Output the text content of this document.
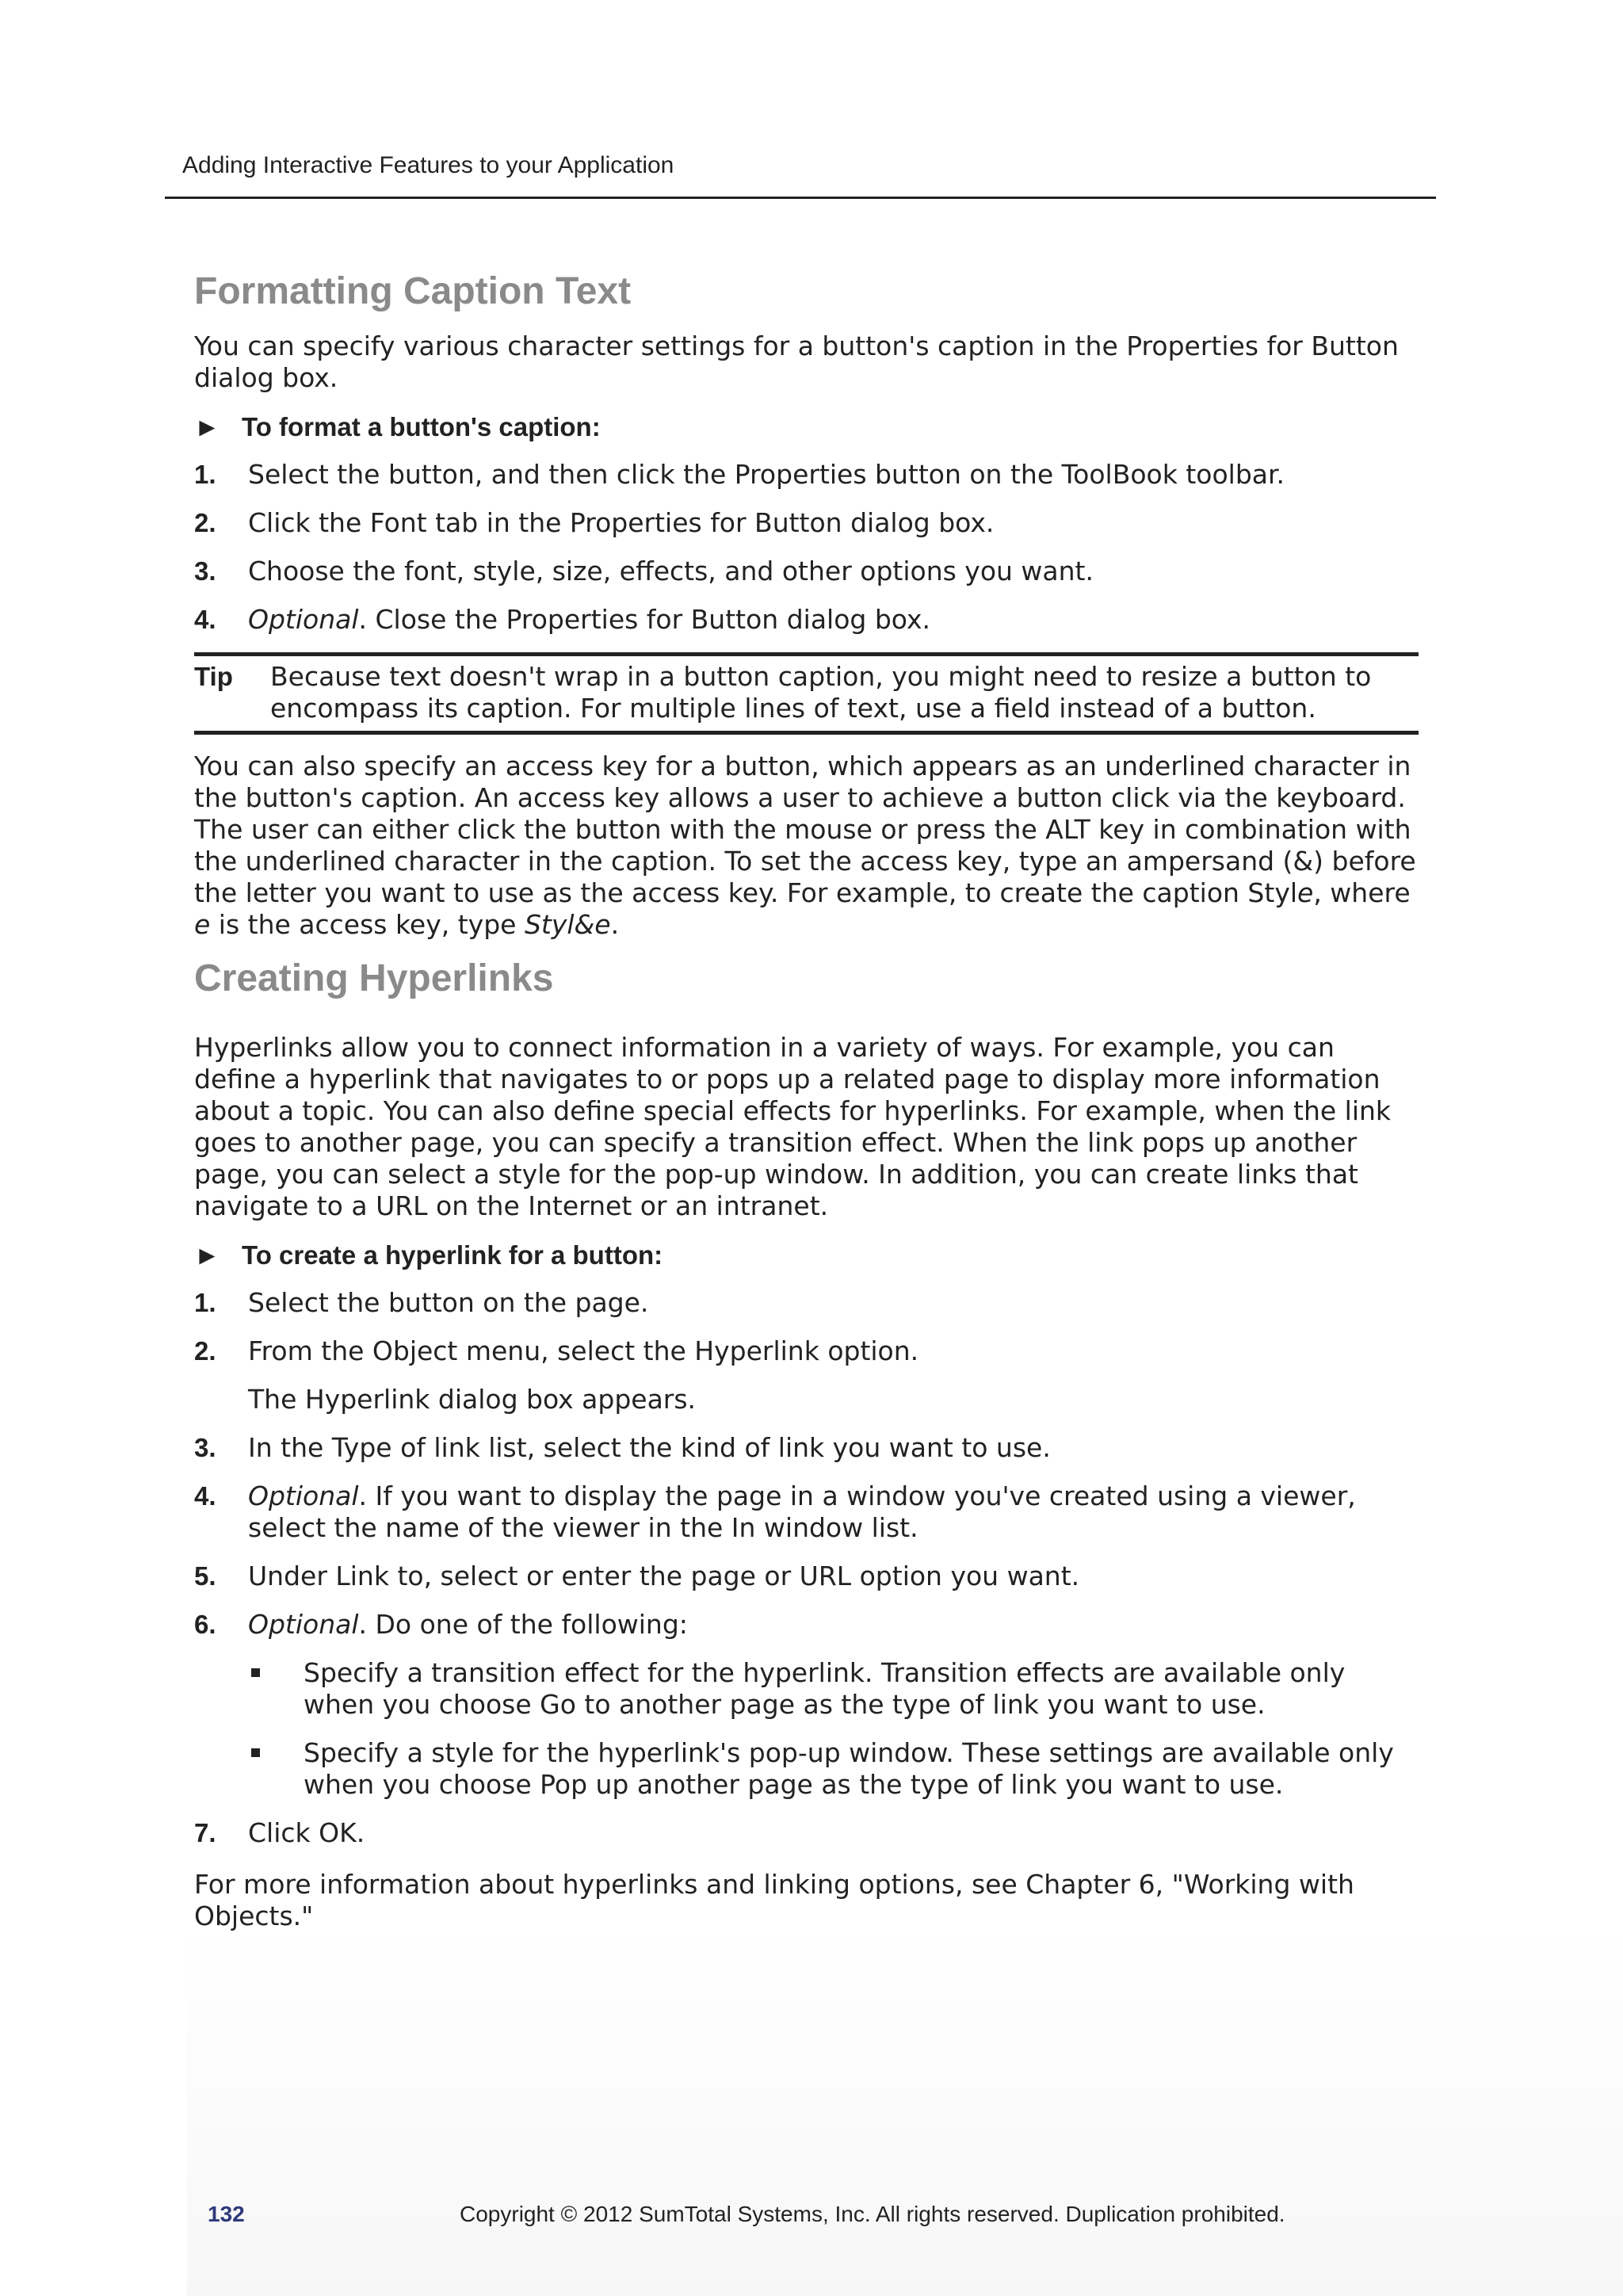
Adding Interactive Features to your Application
Formatting Caption Text

You can specify various character settings for a button's caption in the Properties for Button dialog box.

► To format a button's caption:
1. Select the button, and then click the Properties button on the ToolBook toolbar.
2. Click the Font tab in the Properties for Button dialog box.
3. Choose the font, style, size, effects, and other options you want.
4. Optional. Close the Properties for Button dialog box.
Tip	Because text doesn't wrap in a button caption, you might need to resize a button to encompass its caption. For multiple lines of text, use a field instead of a button.

You can also specify an access key for a button, which appears as an underlined character in the button's caption. An access key allows a user to achieve a button click via the keyboard. The user can either click the button with the mouse or press the ALT key in combination with the underlined character in the caption. To set the access key, type an ampersand (&) before the letter you want to use as the access key. For example, to create the caption Style, where e is the access key, type Styl&e.

Creating Hyperlinks

Hyperlinks allow you to connect information in a variety of ways. For example, you can define a hyperlink that navigates to or pops up a related page to display more information about a topic. You can also define special effects for hyperlinks. For example, when the link goes to another page, you can specify a transition effect. When the link pops up another page, you can select a style for the pop-up window. In addition, you can create links that navigate to a URL on the Internet or an intranet.

► To create a hyperlink for a button:
1. Select the button on the page.
2. From the Object menu, select the Hyperlink option.
The Hyperlink dialog box appears.
3. In the Type of link list, select the kind of link you want to use.
4. Optional. If you want to display the page in a window you've created using a viewer, select the name of the viewer in the In window list.
5. Under Link to, select or enter the page or URL option you want.
6. Optional. Do one of the following:
Specify a transition effect for the hyperlink. Transition effects are available only when you choose Go to another page as the type of link you want to use.
Specify a style for the hyperlink's pop-up window. These settings are available only when you choose Pop up another page as the type of link you want to use.
7. Click OK.

For more information about hyperlinks and linking options, see Chapter 6, "Working with Objects."

132	Copyright © 2012 SumTotal Systems, Inc. All rights reserved. Duplication prohibited.
